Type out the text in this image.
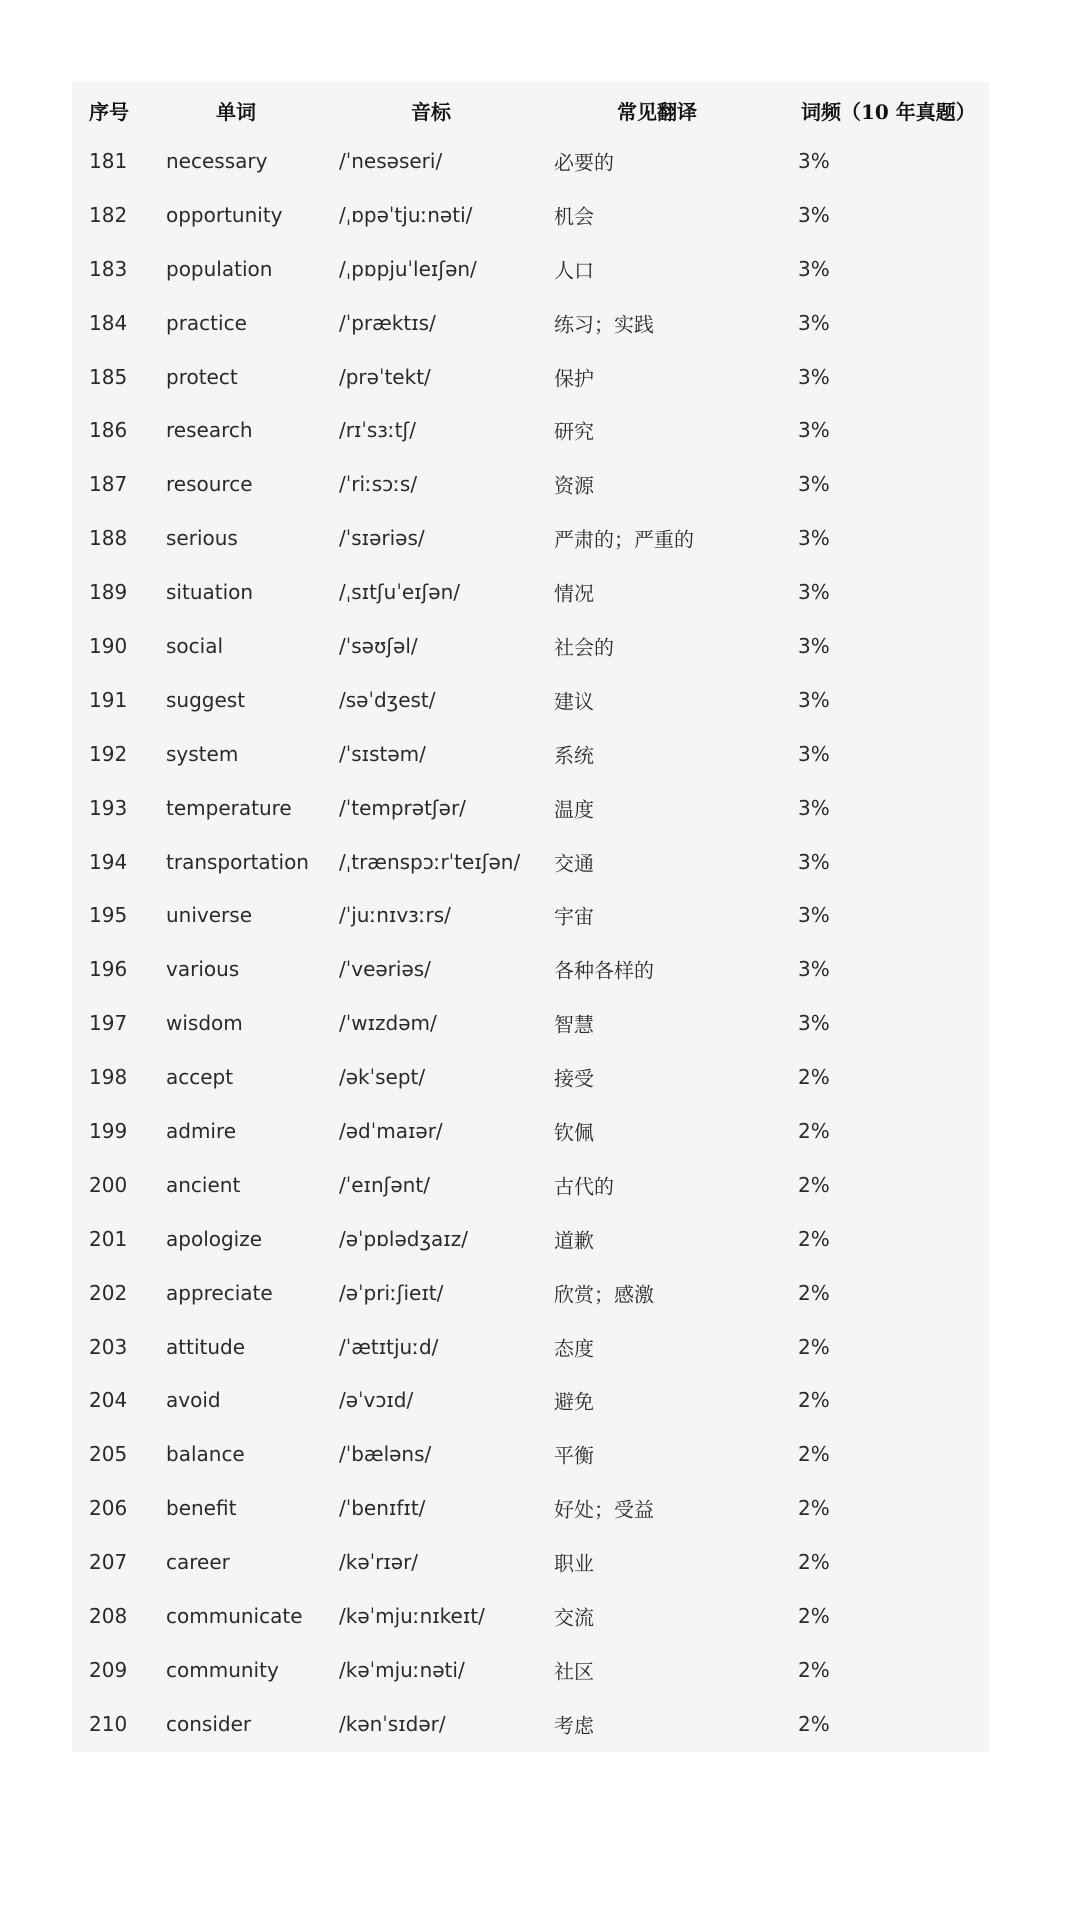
序号	单词	音标	常见翻译	词频（10 年真题）
181 necessary	/ˈnesəseri/	必要的	3%
182 opportunity	/ˌɒpəˈtjuːnəti/	机会	3%
183 population	/ˌpɒpjuˈleɪʃən/	人口	3%
184 practice	/ˈpræktɪs/	练习；实践	3%
185 protect	/prəˈtekt/	保护	3%
186 research	/rɪˈsɜːtʃ/	研究	3%
187 resource	/ˈriːsɔːs/	资源	3%
188 serious	/ˈsɪəriəs/	严肃的；严重的	3%
189 situation	/ˌsɪtʃuˈeɪʃən/	情况	3%
190 social	/ˈsəʊʃəl/	社会的	3%
191 suggest	/səˈdʒest/	建议	3%
192 system	/ˈsɪstəm/	系统	3%
193 temperature /ˈtemprətʃər/	温度	3%
194 transportation /ˌtrænspɔːrˈteɪʃən/ 交通	3%
195 universe	/ˈjuːnɪvɜːrs/	宇宙	3%
196 various	/ˈveəriəs/	各种各样的	3%
197 wisdom	/ˈwɪzdəm/	智慧	3%
198 accept	/əkˈsept/	接受	2%
199 admire	/ədˈmaɪər/	钦佩	2%
200 ancient	/ˈeɪnʃənt/	古代的	2%
201 apologize	/əˈpɒlədʒaɪz/	道歉	2%
202 appreciate	/əˈpriːʃieɪt/	欣赏；感激	2%
203 attitude	/ˈætɪtjuːd/	态度	2%
204 avoid	/əˈvɔɪd/	避免	2%
205 balance	/ˈbæləns/	平衡	2%
206 benefit	/ˈbenɪfɪt/	好处；受益	2%
207 career	/kəˈrɪər/	职业	2%
208 communicate /kəˈmjuːnɪkeɪt/	交流	2%
209 community	/kəˈmjuːnəti/	社区	2%
210 consider	/kənˈsɪdər/	考虑	2%
